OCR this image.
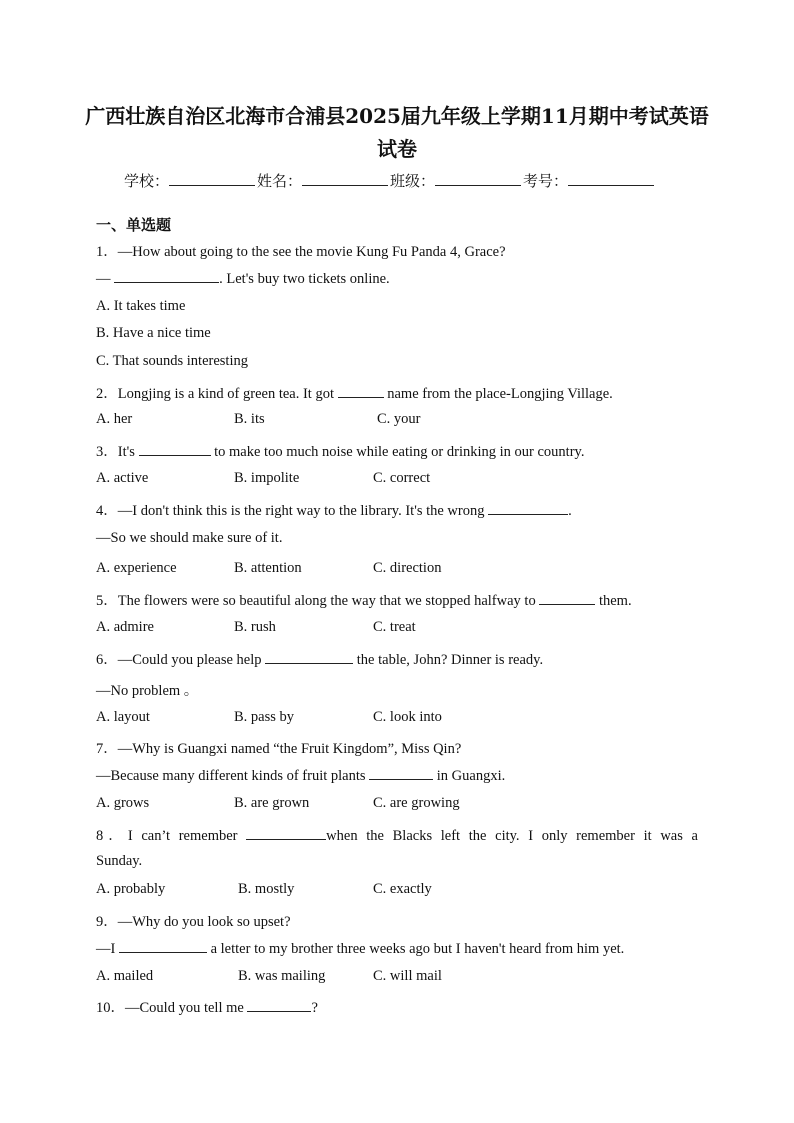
广西壮族自治区北海市合浦县2025届九年级上学期11月期中考试英语试卷
学校：	姓名：	班级：	考号：
一、单选题
1．—How about going to the see the movie Kung Fu Panda 4, Grace?
—	. Let's buy two tickets online.
A. It takes time
B. Have a nice time
C. That sounds interesting
2．Longjing is a kind of green tea. It got	name from the place-Longjing Village.
A. her	B. its	C. your
3．It's	to make too much noise while eating or drinking in our country.
A. active	B. impolite	C. correct
4．—I don't think this is the right way to the library. It's the wrong	.
—So we should make sure of it.
A. experience	B. attention	C. direction
5．The flowers were so beautiful along the way that we stopped halfway to	them.
A. admire	B. rush	C. treat
6．—Could you please help	the table, John? Dinner is ready.
—No problem 。
A. layout	B. pass by	C. look into
7．—Why is Guangxi named “the Fruit Kingdom”, Miss Qin?
—Because many different kinds of fruit plants	in Guangxi.
A. grows	B. are grown	C. are growing
8．I can’t remember	when the Blacks left the city. I only remember it was a
Sunday.
A. probably	B. mostly	C. exactly
9．—Why do you look so upset?
—I	a letter to my brother three weeks ago but I haven't heard from him yet.
A. mailed	B. was mailing	C. will mail
10．—Could you tell me	?
